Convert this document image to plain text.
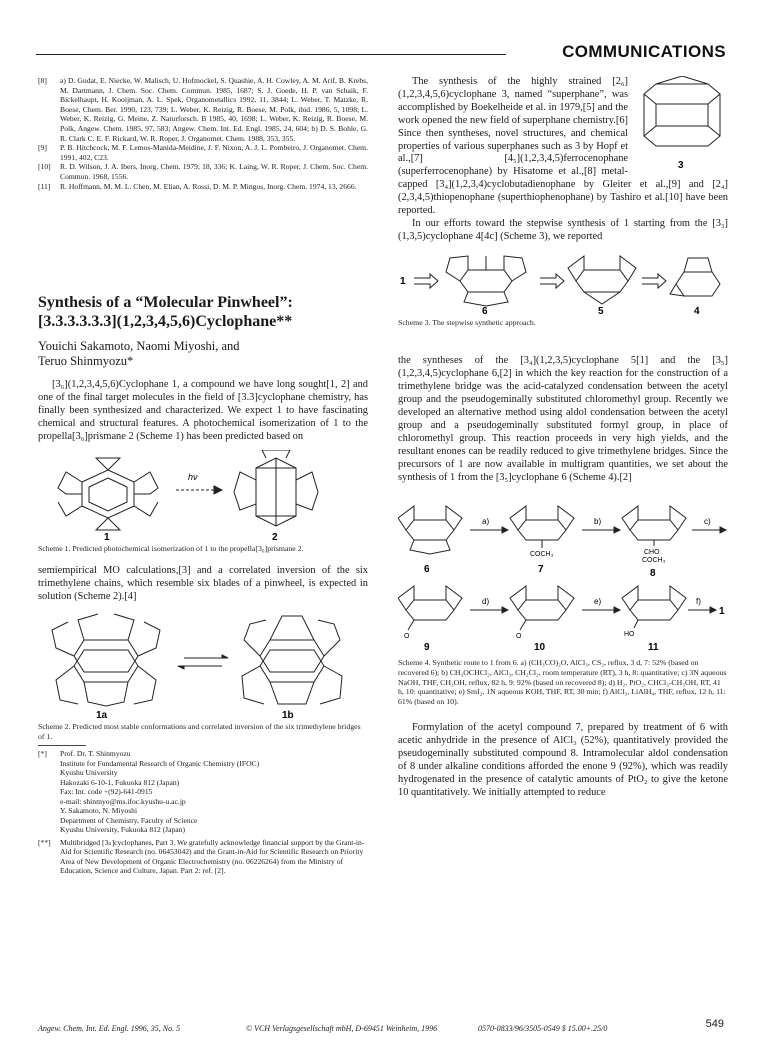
COMMUNICATIONS
[8]	a) D. Gudat, E. Niecke, W. Malisch, U. Hofmockel, S. Quashie, A. H. Cowley, A. M. Arif, B. Krebs, M. Dartmann, J. Chem. Soc. Chem. Commun. 1985, 1687; S. J. Goede, H. P. van Schaik, F. Bickelhaupt, H. Kooijman, A. L. Spek, Organometallics 1992, 11, 3844; L. Weber, T. Matzke, R. Boese, Chem. Ber. 1990, 123, 739; L. Weber, K. Reizig, R. Boese, M. Polk, ibid. 1986, 5, 1098; L. Weber, K. Reizig, G. Meine, Z. Naturforsch. B 1985, 40, 1698; L. Weber, K. Reizig, R. Boese, M. Polk, Angew. Chem. 1985, 97, 583; Angew. Chem. Int. Ed. Engl. 1985, 24, 604; b) D. S. Bohle, G. R. Clark C. E. F. Rickard, W. R. Roper, J. Organomet. Chem. 1988, 353, 355.
[9]	P. B. Hitchcock, M. F. Lemos-Manida-Meidine, J. F. Nixon, A. J. L. Pombeiro, J. Organomet. Chem. 1991, 402, C23.
[10]	R. D. Wilson, J. A. Ibers, Inorg. Chem. 1979, 18, 336; K. Laing, W. R. Roper, J. Chem. Soc. Chem. Commun. 1968, 1556.
[11]	R. Hoffmann, M. M. L. Chen, M. Elian, A. Rossi, D. M. P. Mingos, Inorg. Chem. 1974, 13, 2666.
Synthesis of a “Molecular Pinwheel”: [3.3.3.3.3.3](1,2,3,4,5,6)Cyclophane**
Youichi Sakamoto, Naomi Miyoshi, and
Teruo Shinmyozu*

[3₆](1,2,3,4,5,6)Cyclophane 1, a compound we have long sought[1, 2] and one of the final target molecules in the field of [3.3]cyclophane chemistry, has finally been synthesized and characterized. We expect 1 to have fascinating chemical and structural features. A photochemical isomerization of 1 to the propella[3₆]prismane 2 (Scheme 1) has been predicted based on

1
hν
2

Scheme 1. Predicted photochemical isomerization of 1 to the propella[3₆]prismane 2.

semiempirical MO calculations,[3] and a correlated inversion of the six trimethylene chains, which resemble six blades of a pinwheel, is expected in solution (Scheme 2).[4]

1a	1b

Scheme 2. Predicted most stable conformations and correlated inversion of the six trimethylene bridges of 1.

[*]	Prof. Dr. T. Shinmyozu
Institute for Fundamental Research of Organic Chemistry (IFOC)
Kyushu University
Hakozaki 6-10-1, Fukuoka 812 (Japan)
Fax: Int. code +(92)-641-0915
e-mail: shinmyo@ms.ifoc.kyushu-u.ac.jp
Y. Sakamoto, N. Miyoshi
Department of Chemistry, Faculty of Science
Kyushu University, Fukuoka 812 (Japan)
[**]	Multibridged [3ₙ]cyclophanes, Part 3. We gratefully acknowledge financial support by the Grant-in-Aid for Scientific Research (no. 06453042) and the Grant-in-Aid for Scientific Research on Priority Area of New Development of Organic Electrochemistry (no. 06226264) from the Ministry of Education, Science and Culture, Japan. Part 2: ref. [2].
3

The synthesis of the highly strained [2₆](1,2,3,4,5,6)cyclophane 3, named “superphane”, was accomplished by Boekelheide et al. in 1979,[5] and the work opened the new field of superphane chemistry.[6] Since then syntheses, novel structures, and chemical properties of various superphanes such as 3 by Hopf et al.,[7] [4₅](1,2,3,4,5)ferrocenophane (superferrocenophane) by Hisatome et al.,[8] metal-capped [3₄](1,2,3,4)cyclobutadienophane by Gleiter et al.,[9] and [2₄](2,3,4,5)thiopenophane (superthiophenophane) by Tashiro et al.[10] have been reported.

In our efforts toward the stepwise synthesis of 1 starting from the [3₃](1,3,5)cyclophane 4[4c] (Scheme 3), we reported

1
6	5	4

Scheme 3. The stepwise synthetic approach.

the syntheses of the [3₄](1,2,3,5)cyclophane 5[1] and the [3₅](1,2,3,4,5)cyclophane 6,[2] in which the key reaction for the construction of a trimethylene bridge was the acid-catalyzed condensation between the acetyl group and the pseudogeminally substituted chloromethyl group. Recently we developed an alternative method using aldol condensation between the acetyl group and a pseudogeminally substituted formyl group, in place of chloromethyl group. This reaction proceeds in very high yields, and the resultant enones can be readily reduced to give trimethylene bridges. Since the precursors of 1 are now available in multigram quantities, we set about the synthesis of 1 from the [3₅]cyclophane 6 (Scheme 4).[2]

6
a)
COCH₃
7
b)
CHO
COCH₃
8
c)
O
9
d)
O
10
e)
HO
11
f)
1

Scheme 4. Synthetic route to 1 from 6. a) (CH₃CO)₂O, AlCl₃, CS₂, reflux, 3 d, 7: 52% (based on recovered 6); b) CH₃OCHCl₂, AlCl₃, CH₂Cl₂, room temperature (RT), 3 h, 8: quantitative; c) 3N aqueous NaOH, THF, CH₃OH, reflux, 82 h, 9: 92% (based on recovered 8); d) H₂, PtO₂, CHCl₃-CH₃OH, RT, 41 h, 10: quantitative; e) SmI₂, 1N aqueous KOH, THF, RT, 30 min; f) AlCl₃, LiAlH₄, THF, reflux, 12 h, 11: 61% (based on 10).

Formylation of the acetyl compound 7, prepared by treatment of 6 with acetic anhydride in the presence of AlCl₃ (52%), quantitatively provided the pseudogeminally substituted compound 8. Intramolecular aldol condensation of 8 under alkaline conditions afforded the enone 9 (92%), which was readily hydrogenated in the presence of catalytic amounts of PtO₂ to give the ketone 10 quantitatively. We initially attempted to reduce

Angew. Chem. Int. Ed. Engl. 1996, 35, No. 5	© VCH Verlagsgesellschaft mbH, D-69451 Weinheim, 1996	0570-0833/96/3505-0549 $ 15.00+.25/0	549
